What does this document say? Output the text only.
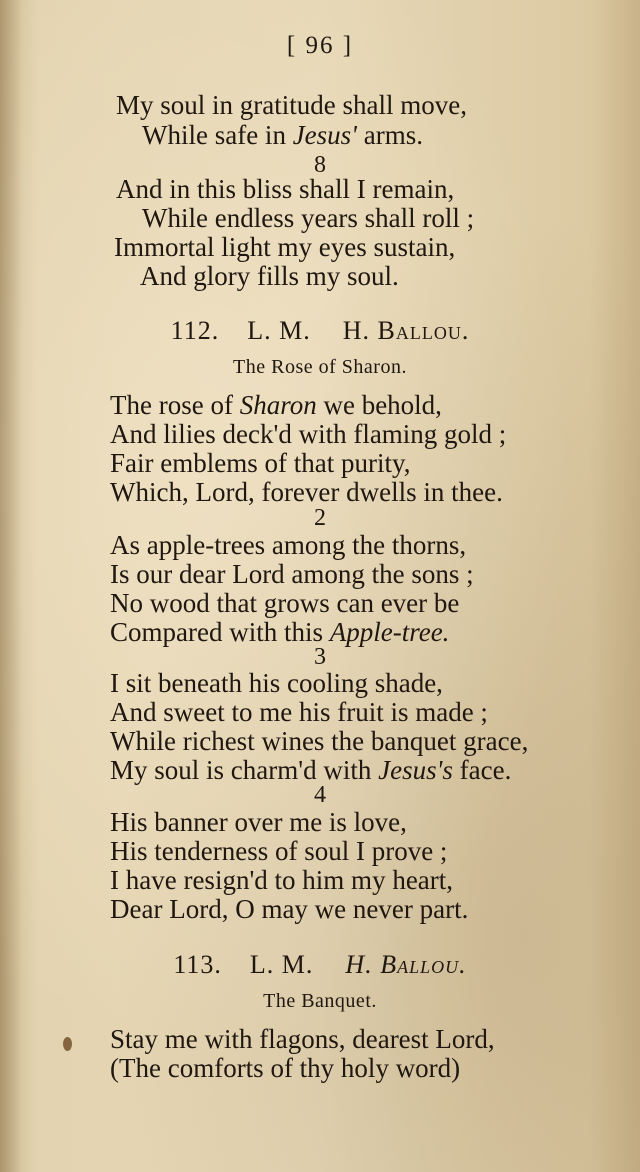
[ 96 ]
My soul in gratitude shall move,
While safe in Jesus' arms.
8
And in this bliss shall I remain,
While endless years shall roll ;
Immortal light my eyes sustain,
And glory fills my soul.
112. L. M. H. Ballou.
The Rose of Sharon.
The rose of Sharon we behold,
And lilies deck'd with flaming gold ;
Fair emblems of that purity,
Which, Lord, forever dwells in thee.
2
As apple-trees among the thorns,
Is our dear Lord among the sons ;
No wood that grows can ever be
Compared with this Apple-tree.
3
I sit beneath his cooling shade,
And sweet to me his fruit is made ;
While richest wines the banquet grace,
My soul is charm'd with Jesus's face.
4
His banner over me is love,
His tenderness of soul I prove ;
I have resign'd to him my heart,
Dear Lord, O may we never part.
113. L. M. H. Ballou.
The Banquet.
Stay me with flagons, dearest Lord,
(The comforts of thy holy word)
